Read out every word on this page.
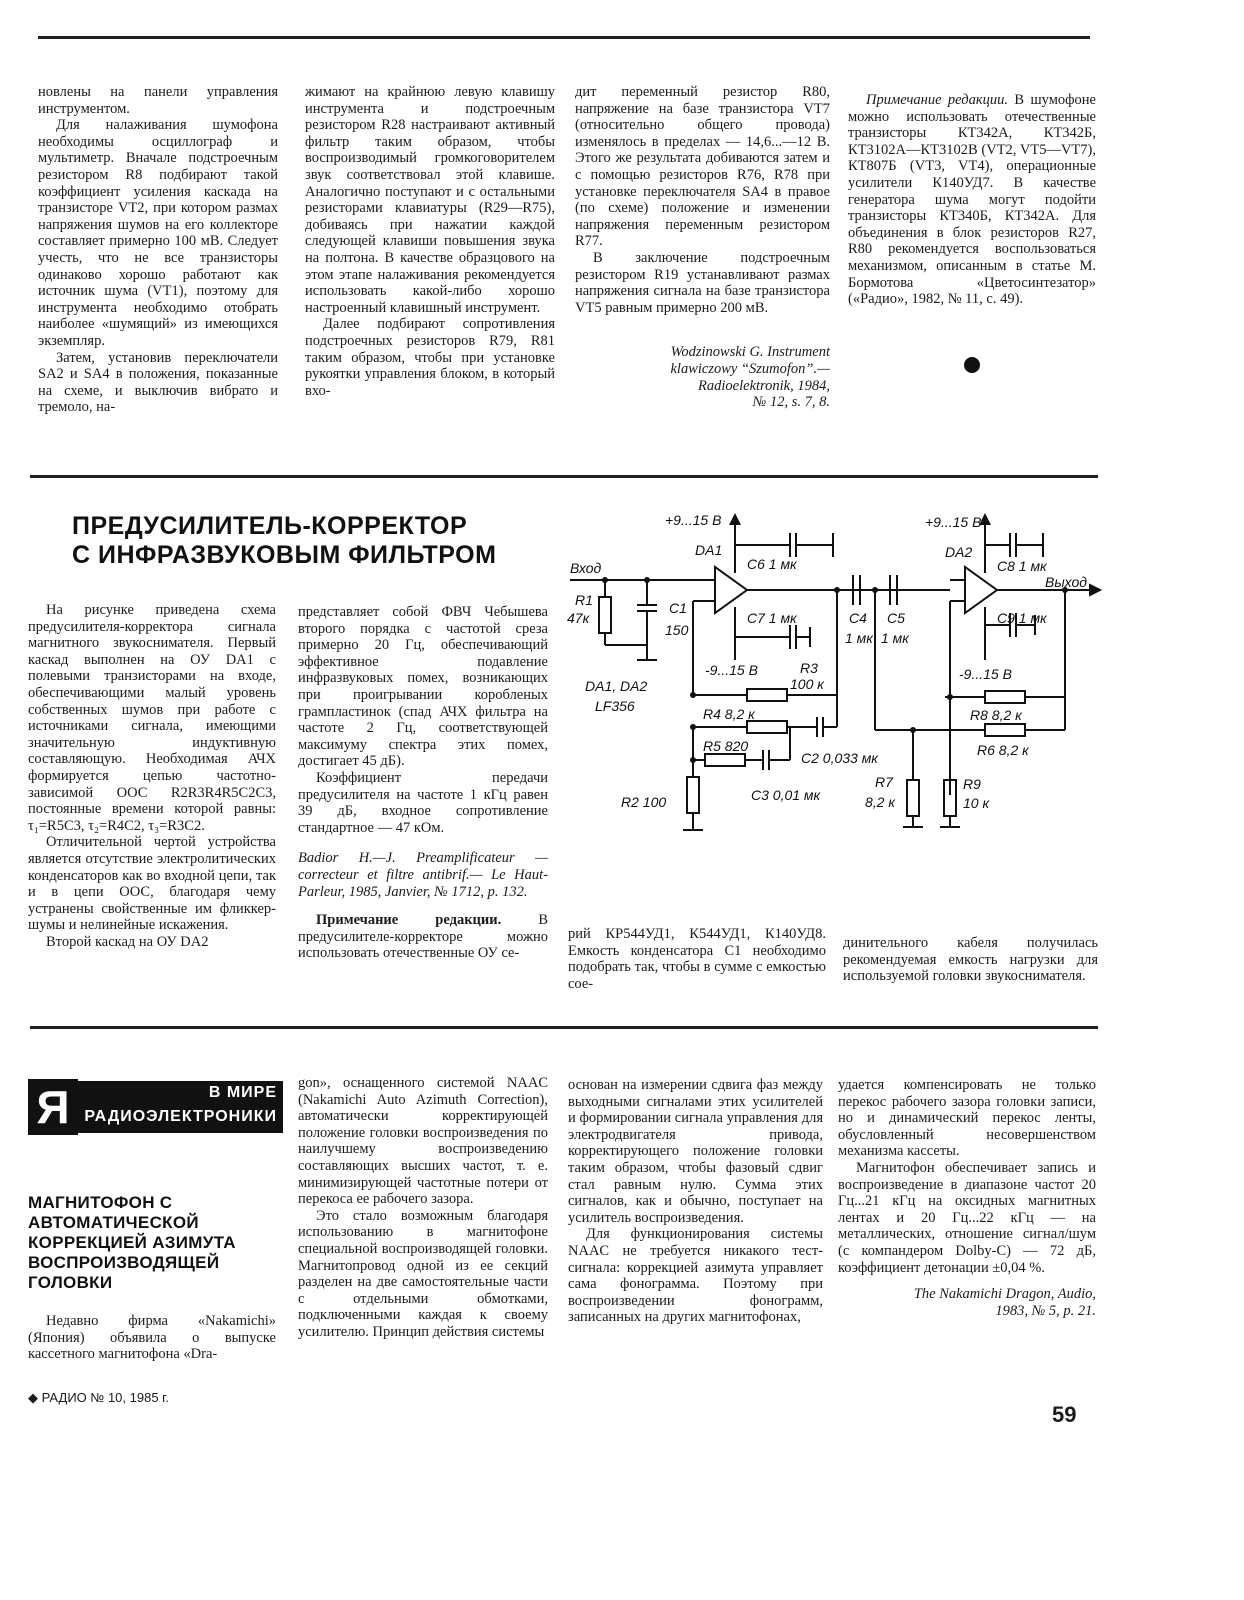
новлены на панели управления инструментом.

Для налаживания шумофона необходимы осциллограф и мультиметр. Вначале подстроечным резистором R8 подбирают такой коэффициент усиления каскада на транзисторе VT2, при котором размах напряжения шумов на его коллекторе составляет примерно 100 мВ. Следует учесть, что не все транзисторы одинаково хорошо работают как источник шума (VT1), поэтому для инструмента необходимо отобрать наиболее «шумящий» из имеющихся экземпляр.

Затем, установив переключатели SA2 и SA4 в положения, показанные на схеме, и выключив вибрато и тремоло, на-

жимают на крайнюю левую клавишу инструмента и подстроечным резистором R28 настраивают активный фильтр таким образом, чтобы воспроизводимый громкоговорителем звук соответствовал этой клавише. Аналогично поступают и с остальными резисторами клавиатуры (R29—R75), добиваясь при нажатии каждой следующей клавиши повышения звука на полтона. В качестве образцового на этом этапе налаживания рекомендуется использовать какой-либо хорошо настроенный клавишный инструмент.

Далее подбирают сопротивления подстроечных резисторов R79, R81 таким образом, чтобы при установке рукоятки управления блоком, в который вхо-

дит переменный резистор R80, напряжение на базе транзистора VT7 (относительно общего провода) изменялось в пределах — 14,6...—12 В. Этого же результата добиваются затем и с помощью резисторов R76, R78 при установке переключателя SA4 в правое (по схеме) положение и изменении напряжения переменным резистором R77.

В заключение подстроечным резистором R19 устанавливают размах напряжения сигнала на базе транзистора VT5 равным примерно 200 мВ.

Wodzinowski G. Instrument
klawiczowy “Szumofon”.—
Radioelektronik, 1984,
№ 12, s. 7, 8.

Примечание редакции. В шумофоне можно использовать отечественные транзисторы КТ342А, КТ342Б, КТ3102А—КТ3102В (VT2, VT5—VT7), КТ807Б (VT3, VT4), операционные усилители К140УД7. В качестве генератора шума могут подойти транзисторы КТ340Б, КТ342А. Для объединения в блок резисторов R27, R80 рекомендуется воспользоваться механизмом, описанным в статье М. Бормотова «Цветосинтезатор» («Радио», 1982, № 11, с. 49).

ПРЕДУСИЛИТЕЛЬ-КОРРЕКТОР
С ИНФРАЗВУКОВЫМ ФИЛЬТРОМ

На рисунке приведена схема предусилителя-корректора сигнала магнитного звукоснимателя. Первый каскад выполнен на ОУ DA1 с полевыми транзисторами на входе, обеспечивающими малый уровень собственных шумов при работе с источниками сигнала, имеющими значительную индуктивную составляющую. Необходимая АЧХ формируется цепью частотно-зависимой ООС R2R3R4R5C2C3, постоянные времени которой равны: τ₁=R5C3, τ₂=R4C2, τ₃=R3C2.

Отличительной чертой устройства является отсутствие электролитических конденсаторов как во входной цепи, так и в цепи ООС, благодаря чему устранены свойственные им фликкер-шумы и нелинейные искажения.

Второй каскад на ОУ DA2

представляет собой ФВЧ Чебышева второго порядка с частотой среза примерно 20 Гц, обеспечивающий эффективное подавление инфразвуковых помех, возникающих при проигрывании коробленых грампластинок (спад АЧХ фильтра на частоте 2 Гц, соответствующей максимуму спектра этих помех, достигает 45 дБ).

Коэффициент передачи предусилителя на частоте 1 кГц равен 39 дБ, входное сопротивление стандартное — 47 кОм.

Badior H.—J. Preamplificateur — correcteur et filtre antibrif.— Le Haut-Parleur, 1985, Janvier, № 1712, p. 132.

Примечание редакции.	В предусилителе-корректоре можно использовать отечественные ОУ се-

рий КР544УД1, К544УД1, К140УД8. Емкость конденсатора С1 необходимо подобрать так, чтобы в сумме с емкостью сое-

динительного кабеля получилась рекомендуемая емкость нагрузки для используемой головки звукоснимателя.

+9...15 В	+9...15 В
Вход
Выход
DA1	DA2
C6 1 мк
C7 1 мк
C8 1 мк
C9 1 мк
R1
47к
C1
150
C4
1 мк
C5
1 мк
-9...15 В	-9...15 В
R3
100 к
DA1, DA2
LF356	R4 8,2 к
R5 820
C2 0,033 мк
C3 0,01 мк
R2 100
R7
8,2 к
R9
10 к
R8 8,2 к
R6 8,2 к
Я	В МИРЕ
РАДИОЭЛЕКТРОНИКИ
МАГНИТОФОН С АВТОМАТИЧЕСКОЙ КОРРЕКЦИЕЙ АЗИМУТА ВОСПРОИЗВОДЯЩЕЙ ГОЛОВКИ

Недавно фирма «Nakamichi» (Япония) объявила о выпуске кассетного магнитофона «Dra-

gon», оснащенного системой NAAC (Nakamichi Auto Azimuth Correction), автоматически корректирующей положение головки воспроизведения по наилучшему воспроизведению составляющих высших частот, т. е. минимизирующей частотные потери от перекоса ее рабочего зазора.

Это стало возможным благодаря использованию в магнитофоне специальной воспроизводящей головки. Магнитопровод одной из ее секций разделен на две самостоятельные части с отдельными обмотками, подключенными каждая к своему усилителю. Принцип действия системы

основан на измерении сдвига фаз между выходными сигналами этих усилителей и формировании сигнала управления для электродвигателя привода, корректирующего положение головки таким образом, чтобы фазовый сдвиг стал равным нулю. Сумма этих сигналов, как и обычно, поступает на усилитель воспроизведения.

Для функционирования системы NAAC не требуется никакого тест-сигнала: коррекцией азимута управляет сама фонограмма. Поэтому при воспроизведении фонограмм, записанных на других магнитофонах,

удается компенсировать не только перекос рабочего зазора головки записи, но и динамический перекос ленты, обусловленный несовершенством механизма кассеты.

Магнитофон обеспечивает запись и воспроизведение в диапазоне частот 20 Гц...21 кГц на оксидных магнитных лентах и 20 Гц...22 кГц — на металлических, отношение сигнал/шум (с компандером Dolby-C) — 72 дБ, коэффициент детонации ±0,04 %.

The Nakamichi Dragon, Audio,
1983, № 5, p. 21.

◆ РАДИО № 10, 1985 г.
59
